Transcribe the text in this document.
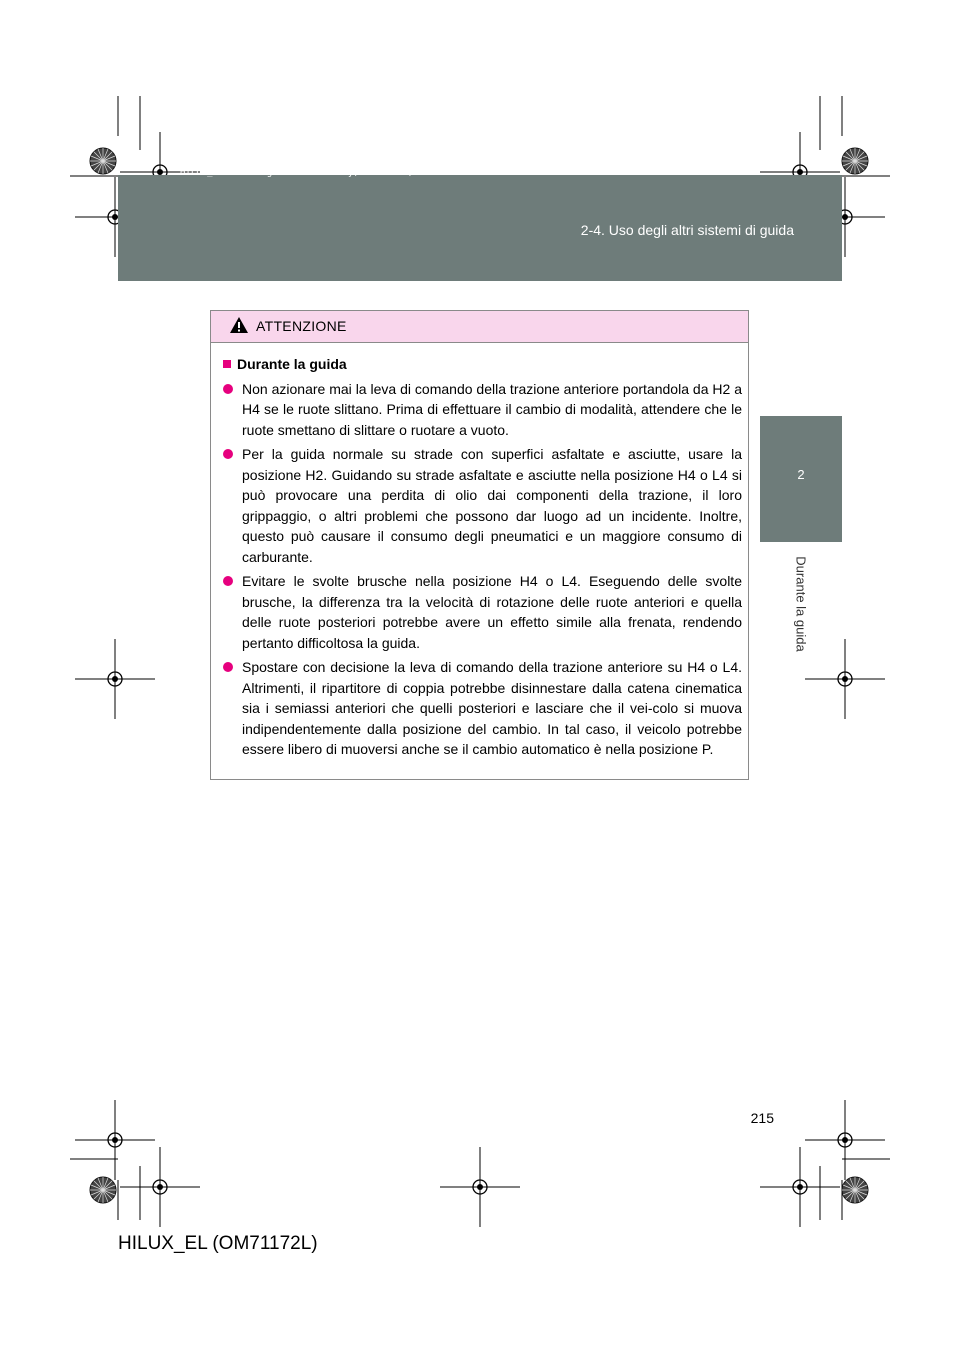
HILUX_EL.book Page 215 Wednesday, March 23, 2011 3:30 PM
2-4. Uso degli altri sistemi di guida
2
Durante la guida
ATTENZIONE
Durante la guida
Non azionare mai la leva di comando della trazione anteriore portandola da H2 a H4 se le ruote slittano. Prima di effettuare il cambio di modalità, attendere che le ruote smettano di slittare o ruotare a vuoto.
Per la guida normale su strade con superfici asfaltate e asciutte, usare la posizione H2. Guidando su strade asfaltate e asciutte nella posizione H4 o L4 si può provocare una perdita di olio dai componenti della trazione, il loro grippaggio, o altri problemi che possono dar luogo ad un incidente. Inoltre, questo può causare il consumo degli pneumatici e un maggiore consumo di carburante.
Evitare le svolte brusche nella posizione H4 o L4. Eseguendo delle svolte brusche, la differenza tra la velocità di rotazione delle ruote anteriori e quella delle ruote posteriori potrebbe avere un effetto simile alla frenata, rendendo pertanto difficoltosa la guida.
Spostare con decisione la leva di comando della trazione anteriore su H4 o L4. Altrimenti, il ripartitore di coppia potrebbe disinnestare dalla catena cinematica sia i semiassi anteriori che quelli posteriori e lasciare che il vei-colo si muova indipendentemente dalla posizione del cambio. In tal caso, il veicolo potrebbe essere libero di muoversi anche se il cambio automatico è nella posizione P.
215
HILUX_EL (OM71172L)
